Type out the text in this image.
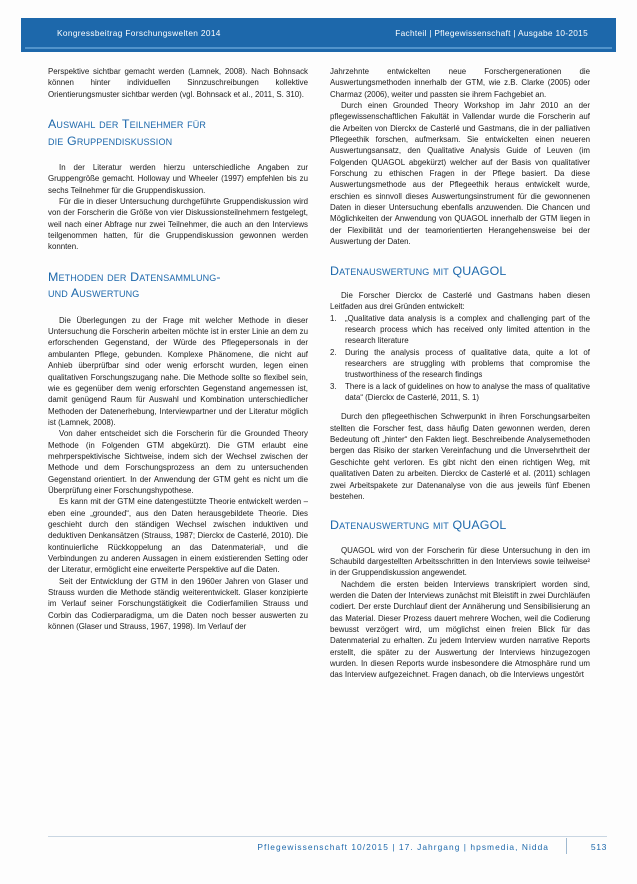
Kongressbeitrag Forschungswelten 2014	Fachteil | Pflegewissenschaft | Ausgabe 10-2015

Perspektive sichtbar gemacht werden (Lamnek, 2008). Nach Bohnsack können hinter individuellen Sinnzuschreibungen kollektive Orientierungsmuster sichtbar werden (vgl. Bohnsack et al., 2011, S. 310).

Auswahl der Teilnehmer für
die Gruppendiskussion

In der Literatur werden hierzu unterschiedliche Angaben zur Gruppengröße gemacht. Holloway und Wheeler (1997) empfehlen bis zu sechs Teilnehmer für die Gruppendiskussion.

Für die in dieser Untersuchung durchgeführte Gruppendiskussion wird von der Forscherin die Größe von vier Diskussionsteilnehmern festgelegt, weil nach einer Abfrage nur zwei Teilnehmer, die auch an den Interviews teilgenommen hatten, für die Gruppendiskussion gewonnen werden konnten.

Methoden der Datensammlung-
und Auswertung

Die Überlegungen zu der Frage mit welcher Methode in dieser Untersuchung die Forscherin arbeiten möchte ist in erster Linie an dem zu erforschenden Gegenstand, der Würde des Pflegepersonals in der ambulanten Pflege, gebunden. Komplexe Phänomene, die nicht auf Anhieb überprüfbar sind oder wenig erforscht wurden, legen einen qualitativen Forschungszugang nahe. Die Methode sollte so flexibel sein, wie es gegenüber dem wenig erforschten Gegenstand angemessen ist, damit genügend Raum für Auswahl und Kombination unterschiedlicher Methoden der Datenerhebung, Interviewpartner und der Literatur möglich ist (Lamnek, 2008).

Von daher entscheidet sich die Forscherin für die Grounded Theory Methode (in Folgenden GTM abgekürzt). Die GTM erlaubt eine mehrperspektivische Sichtweise, indem sich der Wechsel zwischen der Methode und dem Forschungsprozess an dem zu untersuchenden Gegenstand orientiert. In der Anwendung der GTM geht es nicht um die Überprüfung einer Forschungshypothese.

Es kann mit der GTM eine datengestützte Theorie entwickelt werden – eben eine „grounded“, aus den Daten herausgebildete Theorie. Dies geschieht durch den ständigen Wechsel zwischen induktiven und deduktiven Denkansätzen (Strauss, 1987; Dierckx de Casterlé, 2010). Die kontinuierliche Rückkoppelung an das Datenmaterial¹, und die Verbindungen zu anderen Aussagen in einem existierenden Setting oder der Literatur, ermöglicht eine erweiterte Perspektive auf die Daten.

Seit der Entwicklung der GTM in den 1960er Jahren von Glaser und Strauss wurden die Methode ständig weiterentwickelt. Glaser konzipierte im Verlauf seiner Forschungstätigkeit die Codierfamilien Strauss und Corbin das Codierparadigma, um die Daten noch besser auswerten zu können (Glaser und Strauss, 1967, 1998). Im Verlauf der

Jahrzehnte entwickelten neue Forschergenerationen die Auswertungsmethoden innerhalb der GTM, wie z.B. Clarke (2005) oder Charmaz (2006), weiter und passten sie ihrem Fachgebiet an.

Durch einen Grounded Theory Workshop im Jahr 2010 an der pflegewissenschaftlichen Fakultät in Vallendar wurde die Forscherin auf die Arbeiten von Dierckx de Casterlé und Gastmans, die in der palliativen Pflegeethik forschen, aufmerksam. Sie entwickelten einen neueren Auswertungsansatz, den Qualitative Analysis Guide of Leuven (im Folgenden QUAGOL abgekürzt) welcher auf der Basis von qualitativer Forschung zu ethischen Fragen in der Pflege basiert. Da diese Auswertungsmethode aus der Pflegeethik heraus entwickelt wurde, erschien es sinnvoll dieses Auswertungsinstrument für die gewonnenen Daten in dieser Untersuchung ebenfalls anzuwenden. Die Chancen und Möglichkeiten der Anwendung von QUAGOL innerhalb der GTM liegen in der Flexibilität und der teamorientierten Herangehensweise bei der Auswertung der Daten.

Datenauswertung mit QUAGOL

Die Forscher Dierckx de Casterlé und Gastmans haben diesen Leitfaden aus drei Gründen entwickelt:

„Qualitative data analysis is a complex and challenging part of the research process which has received only limited attention in the research literature
During the analysis process of qualitative data, quite a lot of researchers are struggling with problems that compromise the trustworthiness of the research findings
There is a lack of guidelines on how to analyse the mass of qualitative data“ (Dierckx de Casterlé, 2011, S. 1)

Durch den pflegeethischen Schwerpunkt in ihren Forschungsarbeiten stellten die Forscher fest, dass häufig Daten gewonnen werden, deren Bedeutung oft „hinter“ den Fakten liegt. Beschreibende Analysemethoden bergen das Risiko der starken Vereinfachung und die Unversehrtheit der Geschichte geht verloren. Es gibt nicht den einen richtigen Weg, mit qualitativen Daten zu arbeiten. Dierckx de Casterlé et al. (2011) schlagen zwei Arbeitspakete zur Datenanalyse von die aus jeweils fünf Ebenen bestehen.

Datenauswertung mit QUAGOL

QUAGOL wird von der Forscherin für diese Untersuchung in den im Schaubild dargestellten Arbeitsschritten in den Interviews sowie teilweise² in der Gruppendiskussion angewendet.

Nachdem die ersten beiden Interviews transkripiert worden sind, werden die Daten der Interviews zunächst mit Bleistift in zwei Durchläufen codiert. Der erste Durchlauf dient der Annäherung und Sensibilisierung an das Material. Dieser Prozess dauert mehrere Wochen, weil die Codierung bewusst verzögert wird, um möglichst einen freien Blick für das Datenmaterial zu erhalten. Zu jedem Interview wurden narrative Reports erstellt, die später zu der Auswertung der Interviews hinzugezogen wurden. In diesen Reports wurde insbesondere die Atmosphäre rund um das Interview aufgezeichnet. Fragen danach, ob die Interviews ungestört

Pflegewissenschaft 10/2015 | 17. Jahrgang | hpsmedia, Nidda	513
